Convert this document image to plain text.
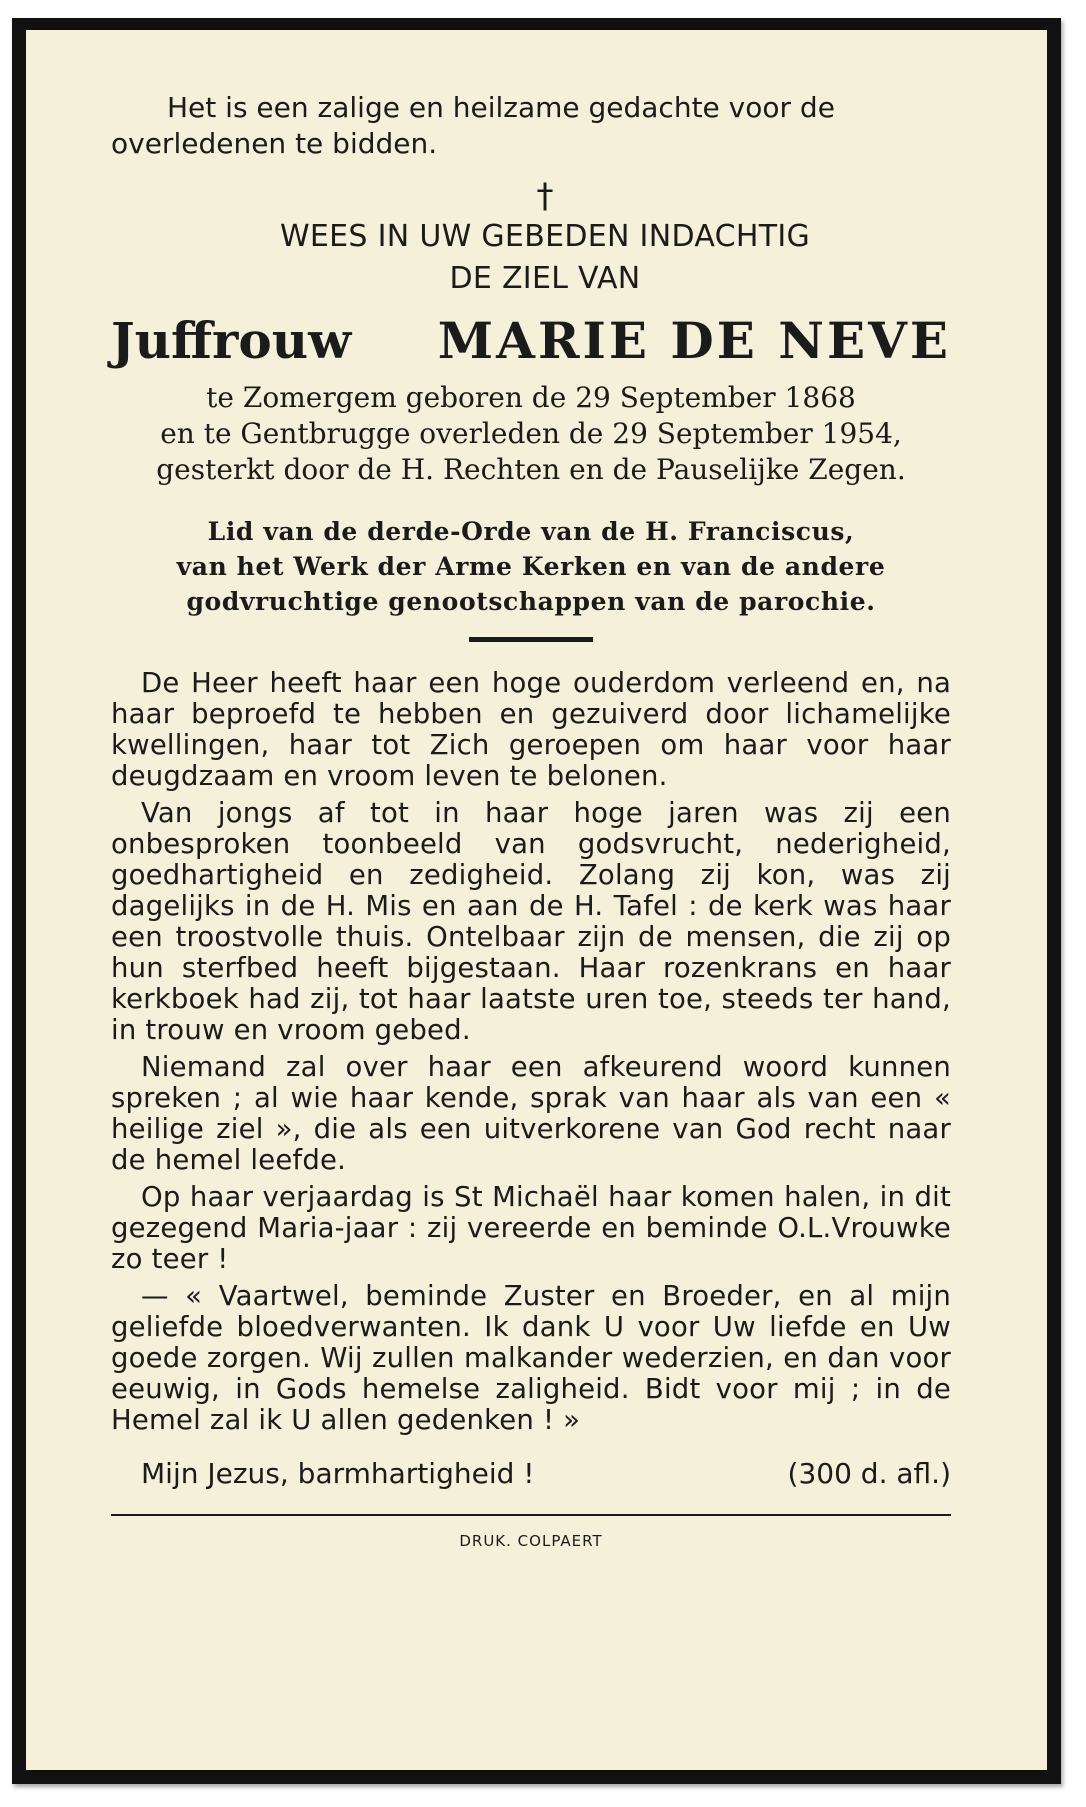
Het is een zalige en heilzame gedachte voor de overledenen te bidden.

†

WEES IN UW GEBEDEN INDACHTIG

DE ZIEL VAN

Juffrouw MARIE DE NEVE

te Zomergem geboren de 29 September 1868

en te Gentbrugge overleden de 29 September 1954,

gesterkt door de H. Rechten en de Pauselijke Zegen.

Lid van de derde-Orde van de H. Franciscus,
van het Werk der Arme Kerken en van de andere
godvruchtige genootschappen van de parochie.

De Heer heeft haar een hoge ouderdom verleend en, na haar beproefd te hebben en gezuiverd door lichamelijke kwellingen, haar tot Zich geroepen om haar voor haar deugdzaam en vroom leven te belonen.

Van jongs af tot in haar hoge jaren was zij een onbesproken toonbeeld van godsvrucht, nederigheid, goedhartigheid en zedigheid. Zolang zij kon, was zij dagelijks in de H. Mis en aan de H. Tafel : de kerk was haar een troostvolle thuis. Ontelbaar zijn de mensen, die zij op hun sterfbed heeft bijgestaan. Haar rozenkrans en haar kerkboek had zij, tot haar laatste uren toe, steeds ter hand, in trouw en vroom gebed.

Niemand zal over haar een afkeurend woord kunnen spreken ; al wie haar kende, sprak van haar als van een « heilige ziel », die als een uitverkorene van God recht naar de hemel leefde.

Op haar verjaardag is St Michaël haar komen halen, in dit gezegend Maria-jaar : zij vereerde en beminde O.L.Vrouwke zo teer !

— « Vaartwel, beminde Zuster en Broeder, en al mijn geliefde bloedverwanten. Ik dank U voor Uw liefde en Uw goede zorgen. Wij zullen malkander wederzien, en dan voor eeuwig, in Gods hemelse zaligheid. Bidt voor mij ; in de Hemel zal ik U allen gedenken ! »

Mijn Jezus, barmhartigheid !	(300 d. afl.)
DRUK. COLPAERT
